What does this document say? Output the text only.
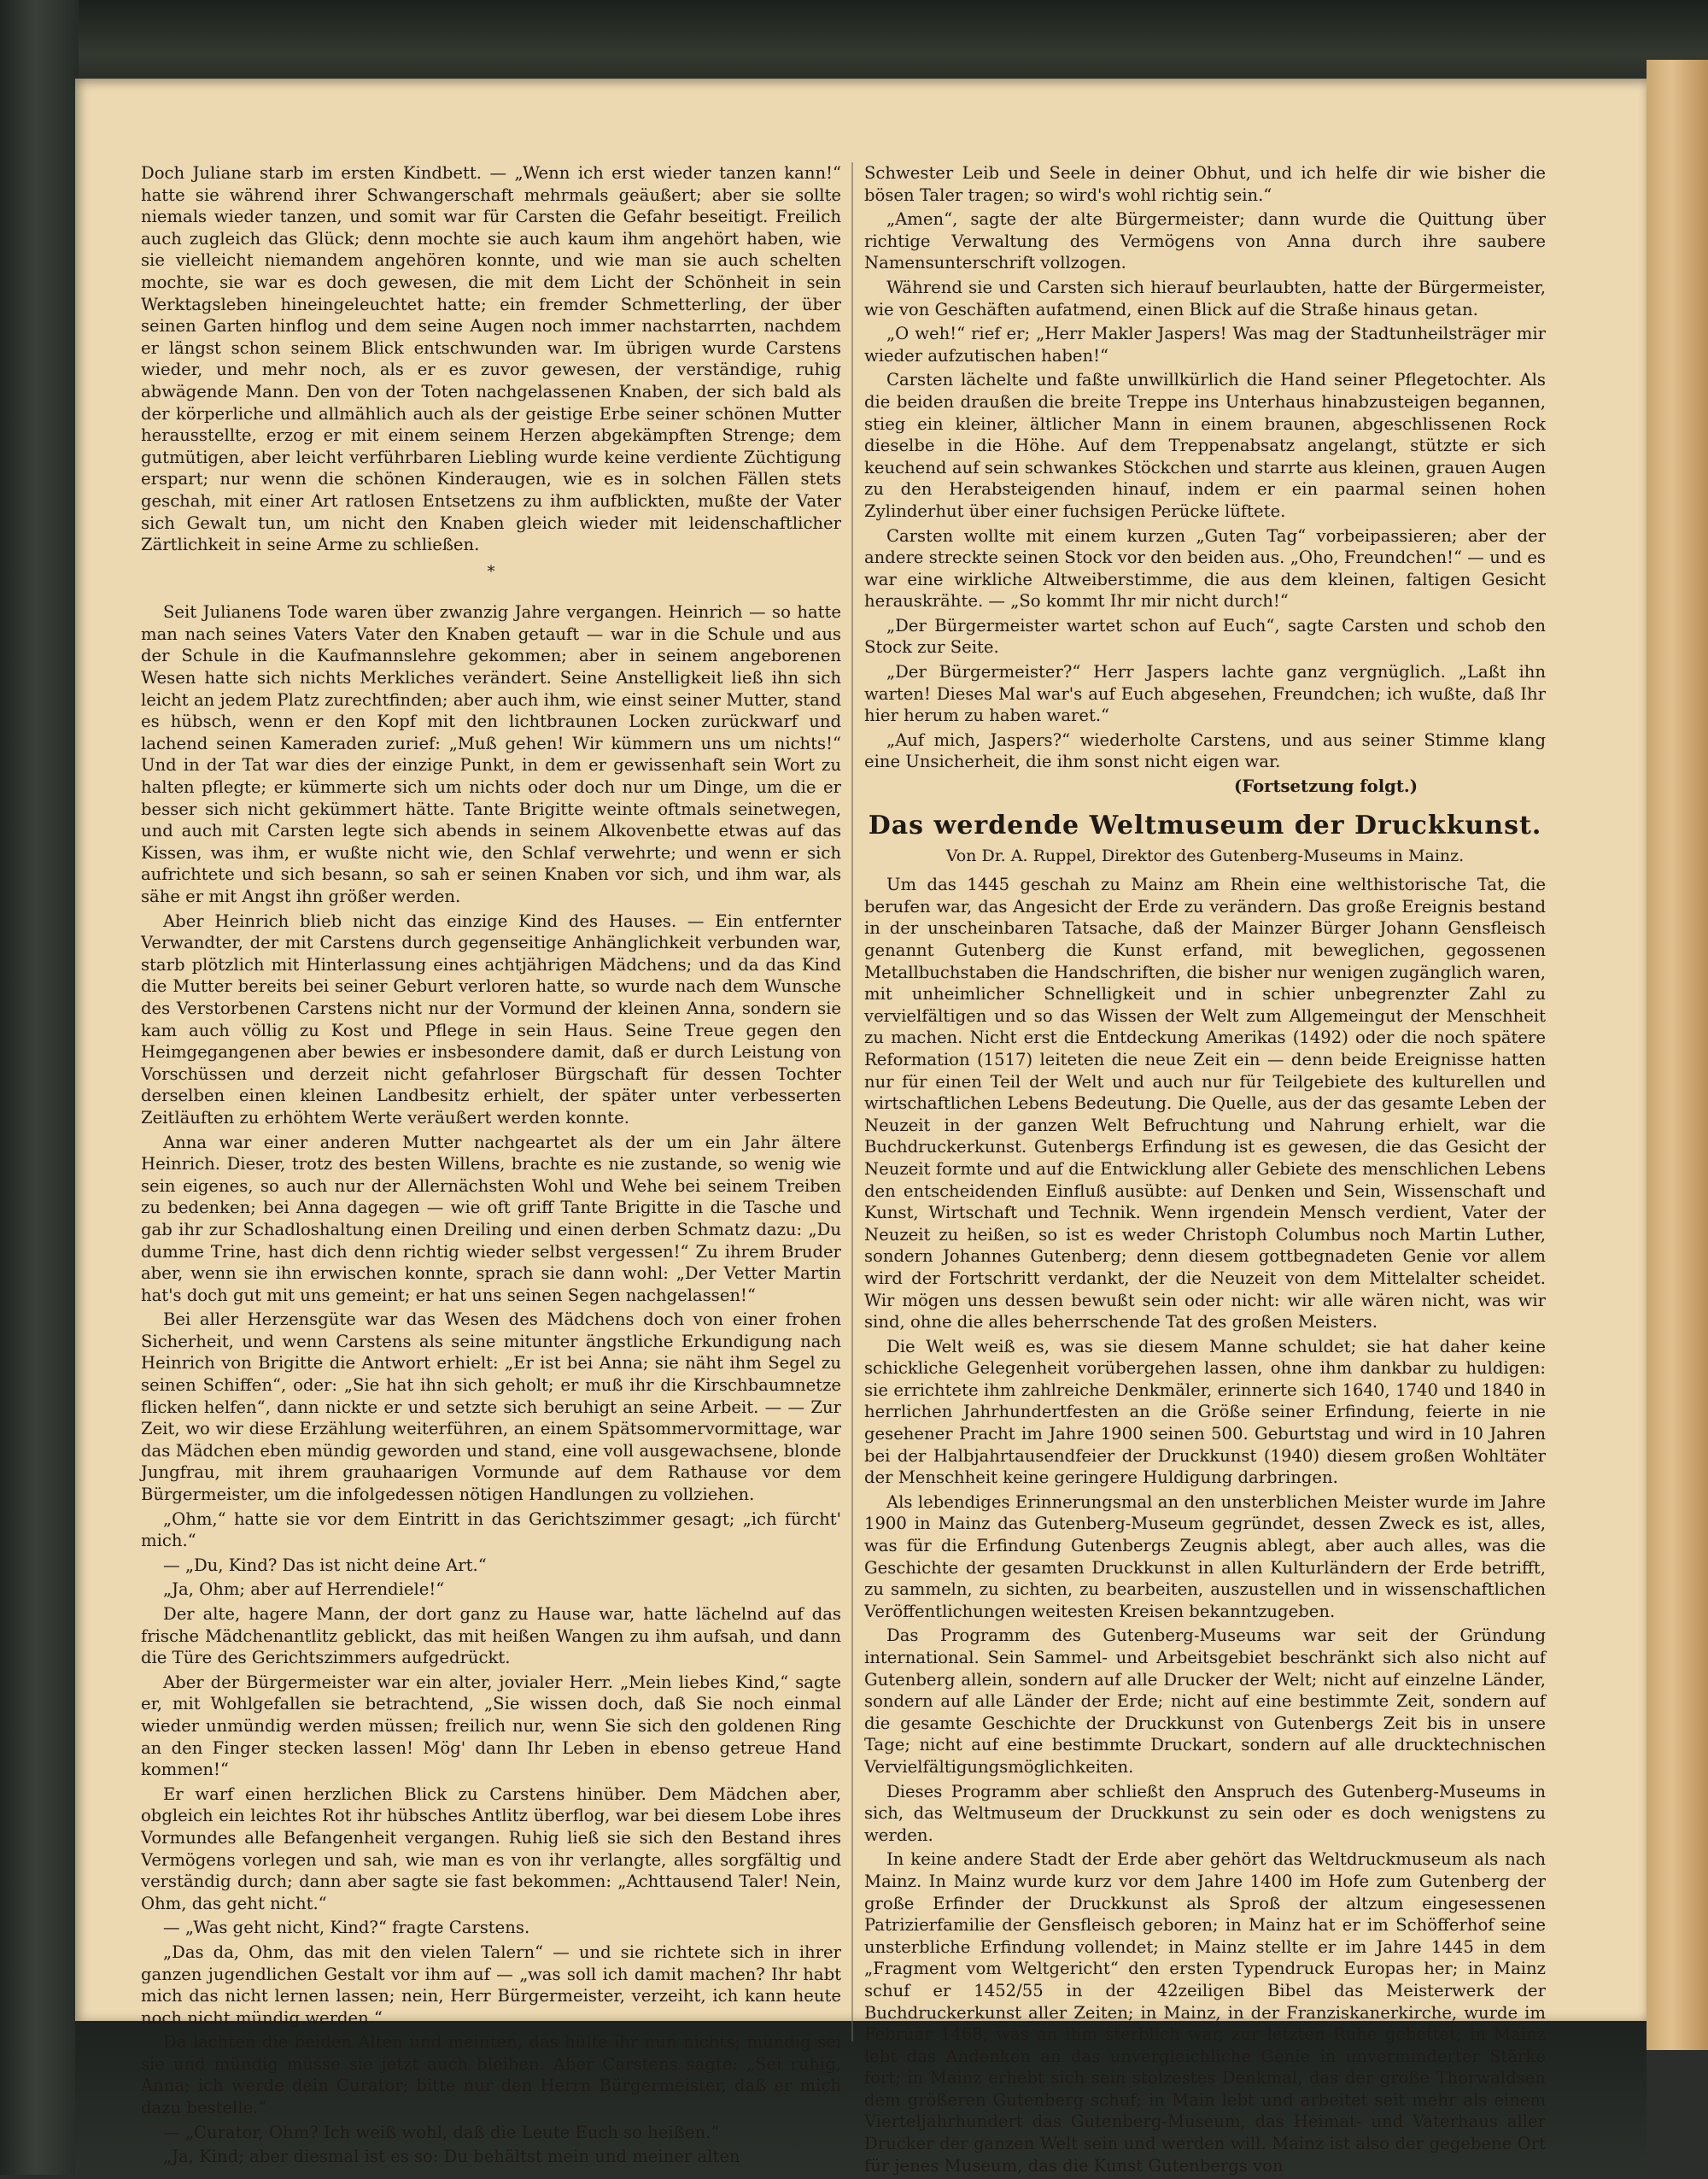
Doch Juliane starb im ersten Kindbett. — „Wenn ich erst wieder tanzen kann!“ hatte sie während ihrer Schwangerschaft mehrmals geäußert; aber sie sollte niemals wieder tanzen, und somit war für Carsten die Gefahr beseitigt. Freilich auch zugleich das Glück; denn mochte sie auch kaum ihm angehört haben, wie sie vielleicht niemandem angehören konnte, und wie man sie auch schelten mochte, sie war es doch gewesen, die mit dem Licht der Schönheit in sein Werktagsleben hineingeleuchtet hatte; ein fremder Schmetterling, der über seinen Garten hinflog und dem seine Augen noch immer nachstarrten, nachdem er längst schon seinem Blick entschwunden war. Im übrigen wurde Carstens wieder, und mehr noch, als er es zuvor gewesen, der verständige, ruhig abwägende Mann. Den von der Toten nachgelassenen Knaben, der sich bald als der körperliche und allmählich auch als der geistige Erbe seiner schönen Mutter herausstellte, erzog er mit einem seinem Herzen abgekämpften Strenge; dem gutmütigen, aber leicht verführbaren Liebling wurde keine verdiente Züchtigung erspart; nur wenn die schönen Kinderaugen, wie es in solchen Fällen stets geschah, mit einer Art ratlosen Entsetzens zu ihm aufblickten, mußte der Vater sich Gewalt tun, um nicht den Knaben gleich wieder mit leidenschaftlicher Zärtlichkeit in seine Arme zu schließen.

*

Seit Julianens Tode waren über zwanzig Jahre vergangen. Heinrich — so hatte man nach seines Vaters Vater den Knaben getauft — war in die Schule und aus der Schule in die Kaufmannslehre gekommen; aber in seinem angeborenen Wesen hatte sich nichts Merkliches verändert. Seine Anstelligkeit ließ ihn sich leicht an jedem Platz zurechtfinden; aber auch ihm, wie einst seiner Mutter, stand es hübsch, wenn er den Kopf mit den lichtbraunen Locken zurückwarf und lachend seinen Kameraden zurief: „Muß gehen! Wir kümmern uns um nichts!“ Und in der Tat war dies der einzige Punkt, in dem er gewissenhaft sein Wort zu halten pflegte; er kümmerte sich um nichts oder doch nur um Dinge, um die er besser sich nicht gekümmert hätte. Tante Brigitte weinte oftmals seinetwegen, und auch mit Carsten legte sich abends in seinem Alkovenbette etwas auf das Kissen, was ihm, er wußte nicht wie, den Schlaf verwehrte; und wenn er sich aufrichtete und sich besann, so sah er seinen Knaben vor sich, und ihm war, als sähe er mit Angst ihn größer werden.

Aber Heinrich blieb nicht das einzige Kind des Hauses. — Ein entfernter Verwandter, der mit Carstens durch gegenseitige Anhänglichkeit verbunden war, starb plötzlich mit Hinterlassung eines achtjährigen Mädchens; und da das Kind die Mutter bereits bei seiner Geburt verloren hatte, so wurde nach dem Wunsche des Verstorbenen Carstens nicht nur der Vormund der kleinen Anna, sondern sie kam auch völlig zu Kost und Pflege in sein Haus. Seine Treue gegen den Heimgegangenen aber bewies er insbesondere damit, daß er durch Leistung von Vorschüssen und derzeit nicht gefahrloser Bürgschaft für dessen Tochter derselben einen kleinen Landbesitz erhielt, der später unter verbesserten Zeitläuften zu erhöhtem Werte veräußert werden konnte.

Anna war einer anderen Mutter nachgeartet als der um ein Jahr ältere Heinrich. Dieser, trotz des besten Willens, brachte es nie zustande, so wenig wie sein eigenes, so auch nur der Allernächsten Wohl und Wehe bei seinem Treiben zu bedenken; bei Anna dagegen — wie oft griff Tante Brigitte in die Tasche und gab ihr zur Schadloshaltung einen Dreiling und einen derben Schmatz dazu: „Du dumme Trine, hast dich denn richtig wieder selbst vergessen!“ Zu ihrem Bruder aber, wenn sie ihn erwischen konnte, sprach sie dann wohl: „Der Vetter Martin hat's doch gut mit uns gemeint; er hat uns seinen Segen nachgelassen!“

Bei aller Herzensgüte war das Wesen des Mädchens doch von einer frohen Sicherheit, und wenn Carstens als seine mitunter ängstliche Erkundigung nach Heinrich von Brigitte die Antwort erhielt: „Er ist bei Anna; sie näht ihm Segel zu seinen Schiffen“, oder: „Sie hat ihn sich geholt; er muß ihr die Kirschbaumnetze flicken helfen“, dann nickte er und setzte sich beruhigt an seine Arbeit. — — Zur Zeit, wo wir diese Erzählung weiterführen, an einem Spätsommervormittage, war das Mädchen eben mündig geworden und stand, eine voll ausgewachsene, blonde Jungfrau, mit ihrem grauhaarigen Vormunde auf dem Rathause vor dem Bürgermeister, um die infolgedessen nötigen Handlungen zu vollziehen.

„Ohm,“ hatte sie vor dem Eintritt in das Gerichtszimmer gesagt; „ich fürcht' mich.“

— „Du, Kind? Das ist nicht deine Art.“

„Ja, Ohm; aber auf Herrendiele!“

Der alte, hagere Mann, der dort ganz zu Hause war, hatte lächelnd auf das frische Mädchenantlitz geblickt, das mit heißen Wangen zu ihm aufsah, und dann die Türe des Gerichtszimmers aufgedrückt.

Aber der Bürgermeister war ein alter, jovialer Herr. „Mein liebes Kind,“ sagte er, mit Wohlgefallen sie betrachtend, „Sie wissen doch, daß Sie noch einmal wieder unmündig werden müssen; freilich nur, wenn Sie sich den goldenen Ring an den Finger stecken lassen! Mög' dann Ihr Leben in ebenso getreue Hand kommen!“

Er warf einen herzlichen Blick zu Carstens hinüber. Dem Mädchen aber, obgleich ein leichtes Rot ihr hübsches Antlitz überflog, war bei diesem Lobe ihres Vormundes alle Befangenheit vergangen. Ruhig ließ sie sich den Bestand ihres Vermögens vorlegen und sah, wie man es von ihr verlangte, alles sorgfältig und verständig durch; dann aber sagte sie fast bekommen: „Achttausend Taler! Nein, Ohm, das geht nicht.“

— „Was geht nicht, Kind?“ fragte Carstens.

„Das da, Ohm, das mit den vielen Talern“ — und sie richtete sich in ihrer ganzen jugendlichen Gestalt vor ihm auf — „was soll ich damit machen? Ihr habt mich das nicht lernen lassen; nein, Herr Bürgermeister, verzeiht, ich kann heute noch nicht mündig werden.“

Da lachten die beiden Alten und meinten, das hülfe ihr nun nichts; mündig sei sie und mündig müsse sie jetzt auch bleiben. Aber Carstens sagte: „Sei ruhig, Anna; ich werde dein Curator; bitte nur den Herrn Bürgermeister, daß er mich dazu bestelle.“

— „Curator, Ohm? Ich weiß wohl, daß die Leute Euch so heißen.“

„Ja, Kind; aber diesmal ist es so: Du behältst mein und meiner alten

Schwester Leib und Seele in deiner Obhut, und ich helfe dir wie bisher die bösen Taler tragen; so wird's wohl richtig sein.“

„Amen“, sagte der alte Bürgermeister; dann wurde die Quittung über richtige Verwaltung des Vermögens von Anna durch ihre saubere Namensunterschrift vollzogen.

Während sie und Carsten sich hierauf beurlaubten, hatte der Bürgermeister, wie von Geschäften aufatmend, einen Blick auf die Straße hinaus getan.

„O weh!“ rief er; „Herr Makler Jaspers! Was mag der Stadtunheilsträger mir wieder aufzutischen haben!“

Carsten lächelte und faßte unwillkürlich die Hand seiner Pflegetochter. Als die beiden draußen die breite Treppe ins Unterhaus hinabzusteigen begannen, stieg ein kleiner, ältlicher Mann in einem braunen, abgeschlissenen Rock dieselbe in die Höhe. Auf dem Treppenabsatz angelangt, stützte er sich keuchend auf sein schwankes Stöckchen und starrte aus kleinen, grauen Augen zu den Herabsteigenden hinauf, indem er ein paarmal seinen hohen Zylinderhut über einer fuchsigen Perücke lüftete.

Carsten wollte mit einem kurzen „Guten Tag“ vorbeipassieren; aber der andere streckte seinen Stock vor den beiden aus. „Oho, Freundchen!“ — und es war eine wirkliche Altweiberstimme, die aus dem kleinen, faltigen Gesicht herauskrähte. — „So kommt Ihr mir nicht durch!“

„Der Bürgermeister wartet schon auf Euch“, sagte Carsten und schob den Stock zur Seite.

„Der Bürgermeister?“ Herr Jaspers lachte ganz vergnüglich. „Laßt ihn warten! Dieses Mal war's auf Euch abgesehen, Freundchen; ich wußte, daß Ihr hier herum zu haben waret.“

„Auf mich, Jaspers?“ wiederholte Carstens, und aus seiner Stimme klang eine Unsicherheit, die ihm sonst nicht eigen war.

(Fortsetzung folgt.)
Das werdende Weltmuseum der Druckkunst.
Von Dr. A. Ruppel, Direktor des Gutenberg-Museums in Mainz.

Um das 1445 geschah zu Mainz am Rhein eine welthistorische Tat, die berufen war, das Angesicht der Erde zu verändern. Das große Ereignis bestand in der unscheinbaren Tatsache, daß der Mainzer Bürger Johann Gensfleisch genannt Gutenberg die Kunst erfand, mit beweglichen, gegossenen Metallbuchstaben die Handschriften, die bisher nur wenigen zugänglich waren, mit unheimlicher Schnelligkeit und in schier unbegrenzter Zahl zu vervielfältigen und so das Wissen der Welt zum Allgemeingut der Menschheit zu machen. Nicht erst die Entdeckung Amerikas (1492) oder die noch spätere Reformation (1517) leiteten die neue Zeit ein — denn beide Ereignisse hatten nur für einen Teil der Welt und auch nur für Teilgebiete des kulturellen und wirtschaftlichen Lebens Bedeutung. Die Quelle, aus der das gesamte Leben der Neuzeit in der ganzen Welt Befruchtung und Nahrung erhielt, war die Buchdruckerkunst. Gutenbergs Erfindung ist es gewesen, die das Gesicht der Neuzeit formte und auf die Entwicklung aller Gebiete des menschlichen Lebens den entscheidenden Einfluß ausübte: auf Denken und Sein, Wissenschaft und Kunst, Wirtschaft und Technik. Wenn irgendein Mensch verdient, Vater der Neuzeit zu heißen, so ist es weder Christoph Columbus noch Martin Luther, sondern Johannes Gutenberg; denn diesem gottbegnadeten Genie vor allem wird der Fortschritt verdankt, der die Neuzeit von dem Mittelalter scheidet. Wir mögen uns dessen bewußt sein oder nicht: wir alle wären nicht, was wir sind, ohne die alles beherrschende Tat des großen Meisters.

Die Welt weiß es, was sie diesem Manne schuldet; sie hat daher keine schickliche Gelegenheit vorübergehen lassen, ohne ihm dankbar zu huldigen: sie errichtete ihm zahlreiche Denkmäler, erinnerte sich 1640, 1740 und 1840 in herrlichen Jahrhundertfesten an die Größe seiner Erfindung, feierte in nie gesehener Pracht im Jahre 1900 seinen 500. Geburtstag und wird in 10 Jahren bei der Halbjahrtausendfeier der Druckkunst (1940) diesem großen Wohltäter der Menschheit keine geringere Huldigung darbringen.

Als lebendiges Erinnerungsmal an den unsterblichen Meister wurde im Jahre 1900 in Mainz das Gutenberg-Museum gegründet, dessen Zweck es ist, alles, was für die Erfindung Gutenbergs Zeugnis ablegt, aber auch alles, was die Geschichte der gesamten Druckkunst in allen Kulturländern der Erde betrifft, zu sammeln, zu sichten, zu bearbeiten, auszustellen und in wissenschaftlichen Veröffentlichungen weitesten Kreisen bekanntzugeben.

Das Programm des Gutenberg-Museums war seit der Gründung international. Sein Sammel- und Arbeitsgebiet beschränkt sich also nicht auf Gutenberg allein, sondern auf alle Drucker der Welt; nicht auf einzelne Länder, sondern auf alle Länder der Erde; nicht auf eine bestimmte Zeit, sondern auf die gesamte Geschichte der Druckkunst von Gutenbergs Zeit bis in unsere Tage; nicht auf eine bestimmte Druckart, sondern auf alle drucktechnischen Vervielfältigungsmöglichkeiten.

Dieses Programm aber schließt den Anspruch des Gutenberg-Museums in sich, das Weltmuseum der Druckkunst zu sein oder es doch wenigstens zu werden.

In keine andere Stadt der Erde aber gehört das Weltdruckmuseum als nach Mainz. In Mainz wurde kurz vor dem Jahre 1400 im Hofe zum Gutenberg der große Erfinder der Druckkunst als Sproß der altzum eingesessenen Patrizierfamilie der Gensfleisch geboren; in Mainz hat er im Schöfferhof seine unsterbliche Erfindung vollendet; in Mainz stellte er im Jahre 1445 in dem „Fragment vom Weltgericht“ den ersten Typendruck Europas her; in Mainz schuf er 1452/55 in der 42zeiligen Bibel das Meisterwerk der Buchdruckerkunst aller Zeiten; in Mainz, in der Franziskanerkirche, wurde im Februar 1468, was an ihm sterblich war, zur letzten Ruhe gebettet; in Mainz lebt das Andenken an das unvergleichliche Genie in unverminderter Stärke fort; in Mainz erhebt sich sein stolzestes Denkmal, das der große Thorwaldsen dem größeren Gutenberg schuf; in Main lebt und arbeitet seit mehr als einem Vierteljahrhundert das Gutenberg-Museum, das Heimat- und Vaterhaus aller Drucker der ganzen Welt sein und werden will. Mainz ist also der gegebene Ort für jenes Museum, das die Kunst Gutenbergs von
